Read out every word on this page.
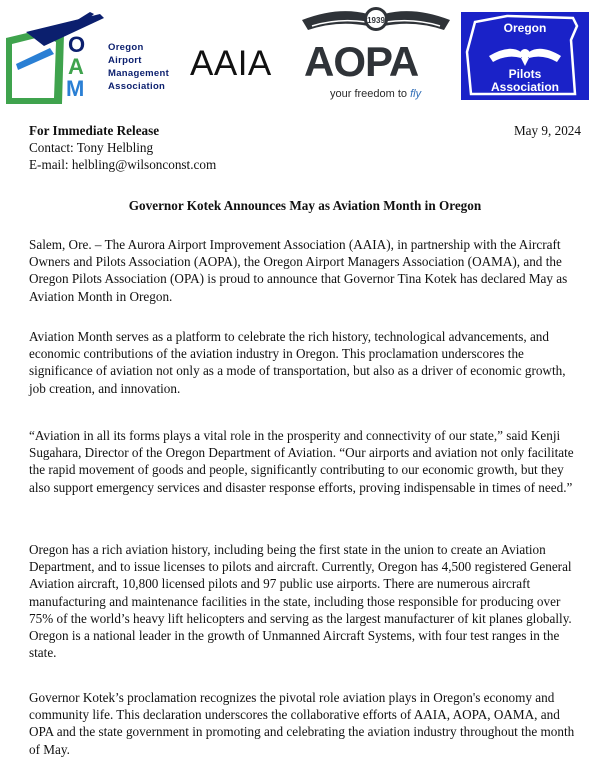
O
A
M
Oregon
Airport
Management
Association
AAIA
1939
AOPA
your freedom to fly
Oregon
Pilots
Association
For Immediate Release
Contact: Tony Helbling
E-mail: helbling@wilsonconst.com
May 9, 2024
Governor Kotek Announces May as Aviation Month in Oregon

Salem, Ore. – The Aurora Airport Improvement Association (AAIA), in partnership with the Aircraft Owners and Pilots Association (AOPA), the Oregon Airport Managers Association (OAMA), and the Oregon Pilots Association (OPA) is proud to announce that Governor Tina Kotek has declared May as Aviation Month in Oregon.

Aviation Month serves as a platform to celebrate the rich history, technological advancements, and economic contributions of the aviation industry in Oregon. This proclamation underscores the significance of aviation not only as a mode of transportation, but also as a driver of economic growth, job creation, and innovation.

“Aviation in all its forms plays a vital role in the prosperity and connectivity of our state,” said Kenji Sugahara, Director of the Oregon Department of Aviation. “Our airports and aviation not only facilitate the rapid movement of goods and people, significantly contributing to our economic growth, but they also support emergency services and disaster response efforts, proving indispensable in times of need.”

Oregon has a rich aviation history, including being the first state in the union to create an Aviation Department, and to issue licenses to pilots and aircraft. Currently, Oregon has 4,500 registered General Aviation aircraft, 10,800 licensed pilots and 97 public use airports. There are numerous aircraft manufacturing and maintenance facilities in the state, including those responsible for producing over 75% of the world’s heavy lift helicopters and serving as the largest manufacturer of kit planes globally. Oregon is a national leader in the growth of Unmanned Aircraft Systems, with four test ranges in the state.

Governor Kotek’s proclamation recognizes the pivotal role aviation plays in Oregon's economy and community life. This declaration underscores the collaborative efforts of AAIA, AOPA, OAMA, and OPA and the state government in promoting and celebrating the aviation industry throughout the month of May.
